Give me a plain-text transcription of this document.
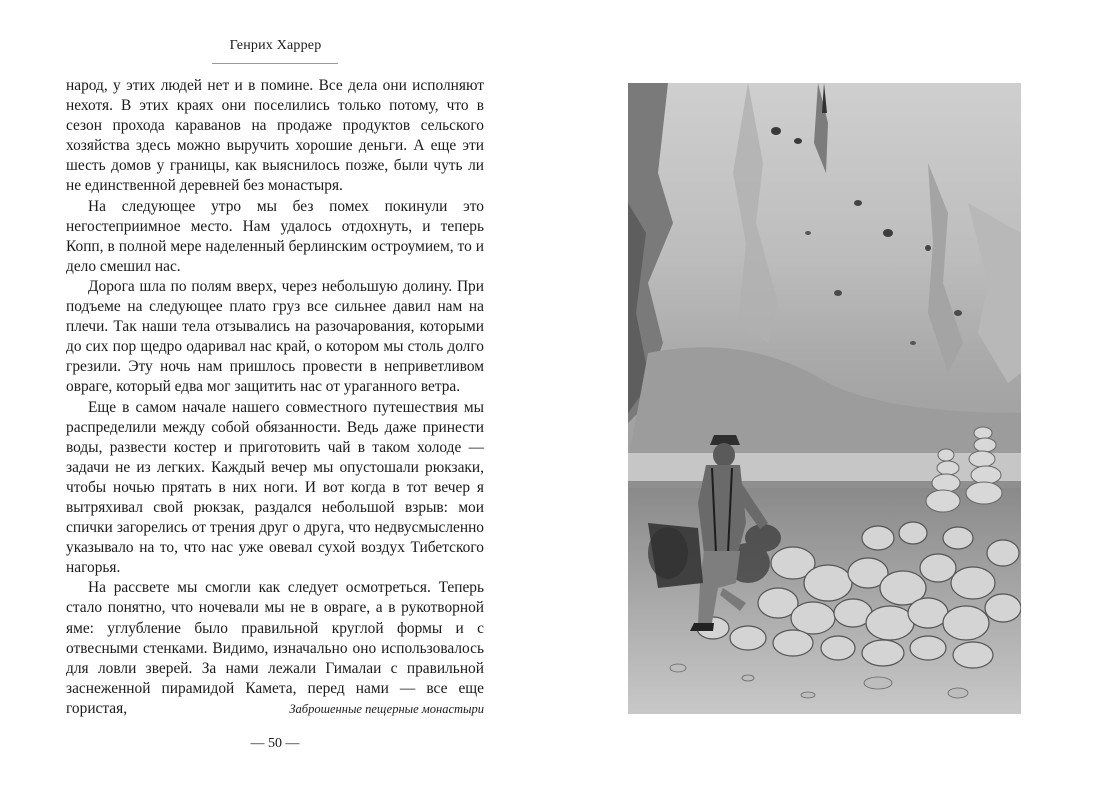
Генрих Харрер

народ, у этих людей нет и в помине. Все дела они исполняют нехотя. В этих краях они поселились только потому, что в сезон прохода караванов на продаже продуктов сельского хозяйства здесь можно выручить хорошие деньги. А еще эти шесть домов у границы, как выяснилось позже, были чуть ли не единственной деревней без монастыря.

На следующее утро мы без помех покинули это негостеприимное место. Нам удалось отдохнуть, и теперь Копп, в полной мере наделенный берлинским остроумием, то и дело смешил нас.

Дорога шла по полям вверх, через небольшую долину. При подъеме на следующее плато груз все сильнее давил нам на плечи. Так наши тела отзывались на разочарования, которыми до сих пор щедро одаривал нас край, о котором мы столь долго грезили. Эту ночь нам пришлось провести в неприветливом овраге, который едва мог защитить нас от ураганного ветра.

Еще в самом начале нашего совместного путешествия мы распределили между собой обязанности. Ведь даже принести воды, развести костер и приготовить чай в таком холоде — задачи не из легких. Каждый вечер мы опустошали рюкзаки, чтобы ночью прятать в них ноги. И вот когда в тот вечер я вытряхивал свой рюкзак, раздался небольшой взрыв: мои спички загорелись от трения друг о друга, что недвусмысленно указывало на то, что нас уже овевал сухой воздух Тибетского нагорья.

На рассвете мы смогли как следует осмотреться. Теперь стало понятно, что ночевали мы не в овраге, а в рукотворной яме: углубление было правильной круглой формы и с отвесными стенками. Видимо, изначально оно использовалось для ловли зверей. За нами лежали Гималаи с правильной заснеженной пирамидой Камета, перед нами — все еще гористая,	Заброшенные пещерные монастыри
— 50 —
